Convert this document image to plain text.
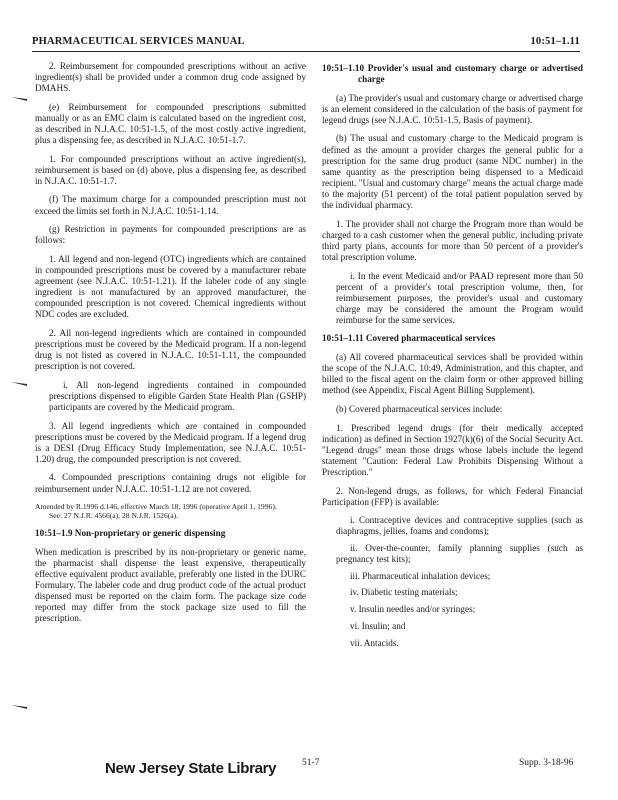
PHARMACEUTICAL SERVICES MANUAL	10:51–1.11

2. Reimbursement for compounded prescriptions without an active ingredient(s) shall be provided under a common drug code assigned by DMAHS.

(e) Reimbursement for compounded prescriptions submitted manually or as an EMC claim is calculated based on the ingredient cost, as described in N.J.A.C. 10:51-1.5, of the most costly active ingredient, plus a dispensing fee, as described in N.J.A.C. 10:51-1.7.

1. For compounded prescriptions without an active ingredient(s), reimbursement is based on (d) above, plus a dispensing fee, as described in N.J.A.C. 10:51-1.7.

(f) The maximum charge for a compounded prescription must not exceed the limits set forth in N.J.A.C. 10:51-1.14.

(g) Restriction in payments for compounded prescriptions are as follows:

1. All legend and non-legend (OTC) ingredients which are contained in compounded prescriptions must be covered by a manufacturer rebate agreement (see N.J.A.C. 10:51-1.21). If the labeler code of any single ingredient is not manufactured by an approved manufacturer, the compounded prescription is not covered. Chemical ingredients without NDC codes are excluded.

2. All non-legend ingredients which are contained in compounded prescriptions must be covered by the Medicaid program. If a non-legend drug is not listed as covered in N.J.A.C. 10:51-1.11, the compounded prescription is not covered.

i. All non-legend ingredients contained in compounded prescriptions dispensed to eligible Garden State Health Plan (GSHP) participants are covered by the Medicaid program.

3. All legend ingredients which are contained in compounded prescriptions must be covered by the Medicaid program. If a legend drug is a DESI (Drug Efficacy Study Implementation, see N.J.A.C. 10:51-1.20) drug, the compounded prescription is not covered.

4. Compounded prescriptions containing drugs not eligible for reimbursement under N.J.A.C. 10:51-1.12 are not covered.

Amended by R.1996 d.146, effective March 18, 1996 (operative April 1, 1996).
See: 27 N.J.R. 4566(a), 28 N.J.R. 1526(a).

10:51–1.9 Non-proprietary or generic dispensing

When medication is prescribed by its non-proprietary or generic name, the pharmacist shall dispense the least expensive, therapeutically effective equivalent product available, preferably one listed in the DURC Formulary. The labeler code and drug product code of the actual product dispensed must be reported on the claim form. The package size code reported may differ from the stock package size used to fill the prescription.

10:51–1.10 Provider's usual and customary charge or advertised charge

(a) The provider's usual and customary charge or advertised charge is an element considered in the calculation of the basis of payment for legend drugs (see N.J.A.C. 10:51-1.5, Basis of payment).

(b) The usual and customary charge to the Medicaid program is defined as the amount a provider charges the general public for a prescription for the same drug product (same NDC number) in the same quantity as the prescription being dispensed to a Medicaid recipient. "Usual and customary charge" means the actual charge made to the majority (51 percent) of the total patient population served by the individual pharmacy.

1. The provider shall not charge the Program more than would be charged to a cash customer when the general public, including private third party plans, accounts for more than 50 percent of a provider's total prescription volume.

i. In the event Medicaid and/or PAAD represent more than 50 percent of a provider's total prescription volume, then, for reimbursement purposes, the provider's usual and customary charge may be considered the amount the Program would reimburse for the same services.

10:51–1.11 Covered pharmaceutical services

(a) All covered pharmaceutical services shall be provided within the scope of the N.J.A.C. 10:49, Administration, and this chapter, and billed to the fiscal agent on the claim form or other approved billing method (see Appendix, Fiscal Agent Billing Supplement).

(b) Covered pharmaceutical services include:

1. Prescribed legend drugs (for their medically accepted indication) as defined in Section 1927(k)(6) of the Social Security Act. "Legend drugs" mean those drugs whose labels include the legend statement "Caution: Federal Law Prohibits Dispensing Without a Prescription."

2. Non-legend drugs, as follows, for which Federal Financial Participation (FFP) is available:

i. Contraceptive devices and contraceptive supplies (such as diaphragms, jellies, foams and condoms);

ii. Over-the-counter, family planning supplies (such as pregnancy test kits);

iii. Pharmaceutical inhalation devices;

iv. Diabetic testing materials;

v. Insulin needles and/or syringes;

vi. Insulin; and

vii. Antacids.

New Jersey State Library	51-7	Supp. 3-18-96
